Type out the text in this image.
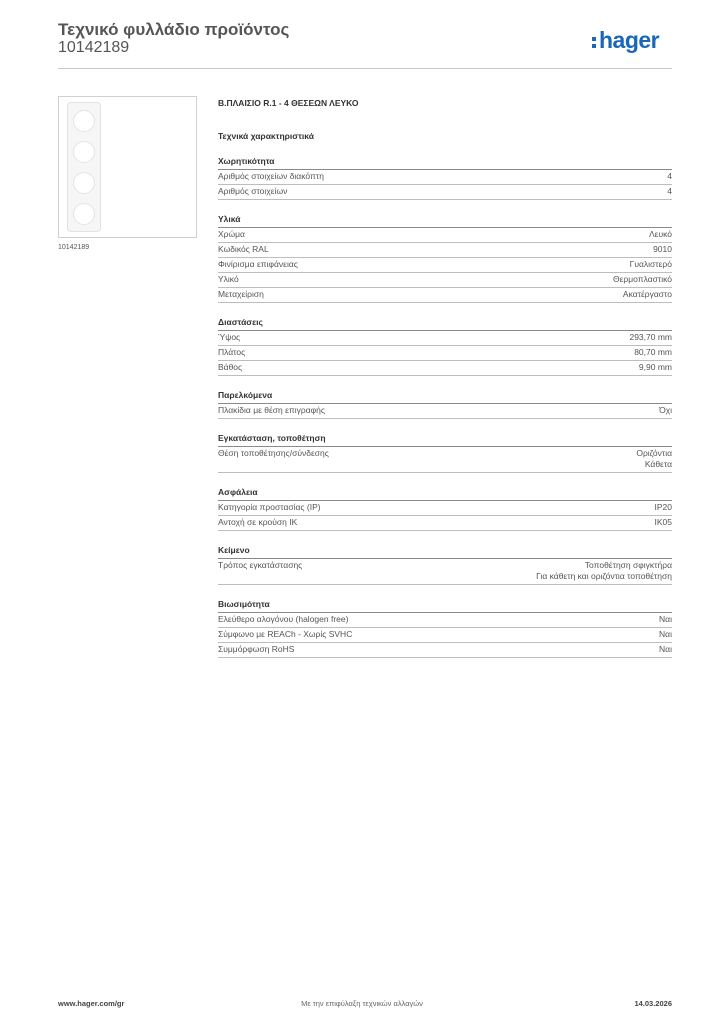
Τεχνικό φυλλάδιο προϊόντος
10142189	hager
10142189
Β.ΠΛΑΙΣΙΟ R.1 - 4 ΘΕΣΕΩΝ ΛΕΥΚΟ
Τεχνικά χαρακτηριστικά
Χωρητικότητα
Αριθμός στοιχείων διακόπτη	4
Αριθμός στοιχείων	4
Υλικά
Χρώμα	Λευκό
Κωδικός RAL	9010
Φινίρισμα επιφάνειας	Γυαλιστερό
Υλικό	Θερμοπλαστικό
Μεταχείριση	Ακατέργαστο
Διαστάσεις
Ύψος	293,70 mm
Πλάτος	80,70 mm
Βάθος	9,90 mm
Παρελκόμενα
Πλακίδια με θέση επιγραφής	Όχι
Εγκατάσταση, τοποθέτηση
Θέση τοποθέτησης/σύνδεσης	Οριζόντια
Κάθετα
Ασφάλεια
Κατηγορία προστασίας (IP)	IP20
Αντοχή σε κρούση IK	IK05
Κείμενο
Τρόπος εγκατάστασης	Τοποθέτηση σφιγκτήρα
Για κάθετη και οριζόντια τοποθέτηση
Βιωσιμότητα
Ελεύθερο αλογόνου (halogen free)	Ναι
Σύμφωνο με REACh - Χωρίς SVHC	Ναι
Συμμόρφωση RoHS	Ναι
www.hager.com/gr	Με την επιφύλαξη τεχνικών αλλαγών	14.03.2026
